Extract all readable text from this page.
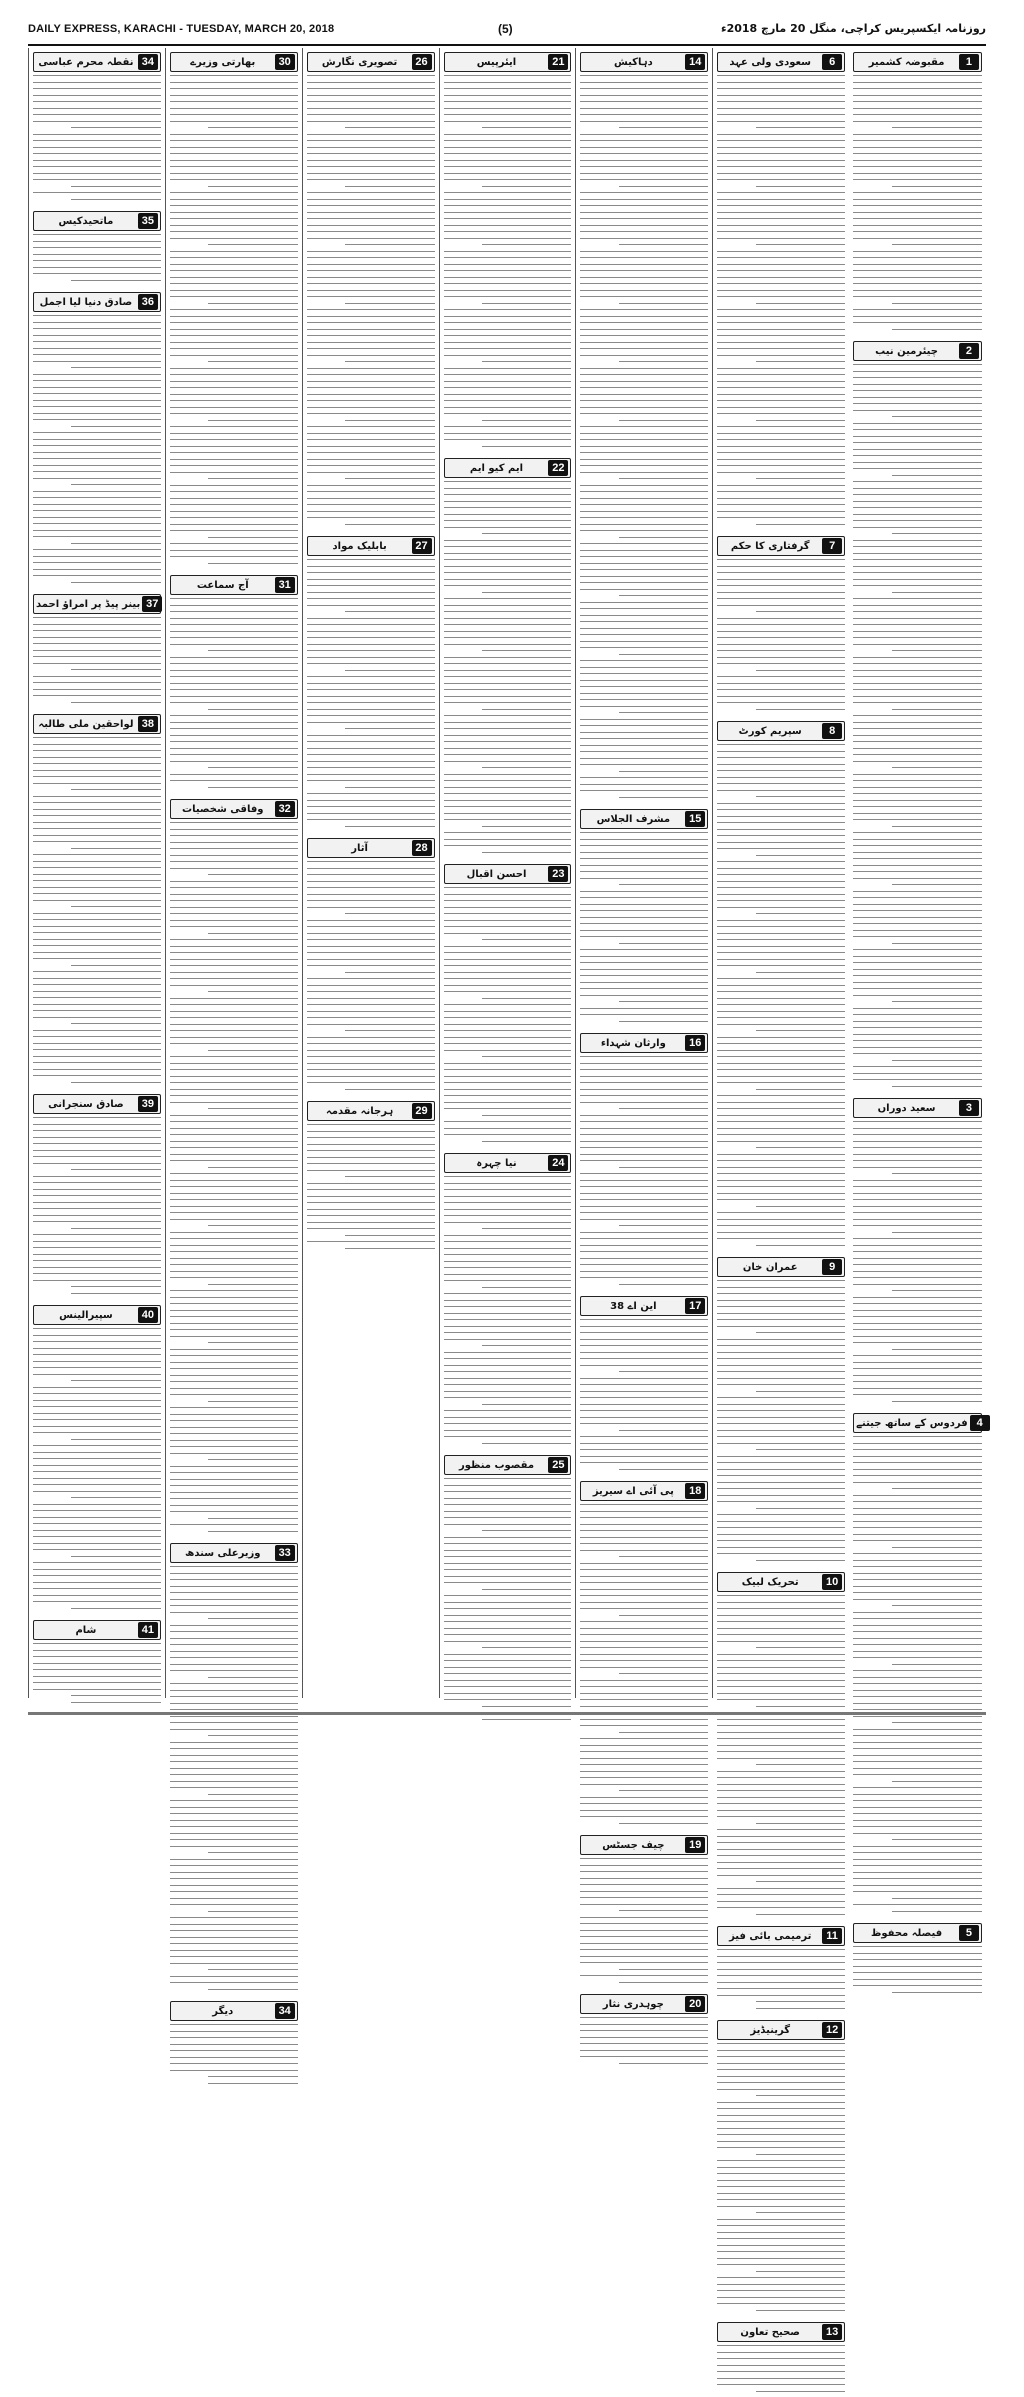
DAILY EXPRESS, KARACHI - TUESDAY, MARCH 20, 2018	(5)	روزنامہ ایکسپریس کراچی، منگل 20 مارچ 2018ء
مقبوضہ کشمیر	1
چیئرمین نیب	2
سعید دوراں	3
فردوس کے ساتھ جیتنے 4
فیصلہ محفوظ	5
سعودی ولی عہد	6
گرفتاری کا حکم	7
سپریم کورٹ	8
عمران خان	9
تحریک لبیک	10
ترمیمی بائی فیز	11
گرینیڈیز	12
صحیح تعاون	13
دہاکیش	14
مشرف الجلاس	15
وارثان شہداء	16
این اے 38	17
پی آئی اے سیریز	18
چیف جسٹس	19
چوہدری نثار	20
ایئرپیس	21
ایم کیو ایم	22
احسن اقبال	23
نیا چہرہ	24
مقصوب منظور	25
تصویری نگارش	26
بابلیک مواد	27
آثار	28
ہرجانہ مقدمہ	29
بھارتی وزیرے	30
آج سماعت	31
وفاقی شخصیات	32
وزیرعلی سندھ	33
دیگر	34
نقطہ محرم عباسی 34
ماتحیدکیس	35
صادق دنیا لیا اجمل 36
بینر پیڈ پر امراؤ احمد 37
لواحقین ملی طالبہ 38
صادق سنجرانی	39
سپیرالینس	40
شام	41
